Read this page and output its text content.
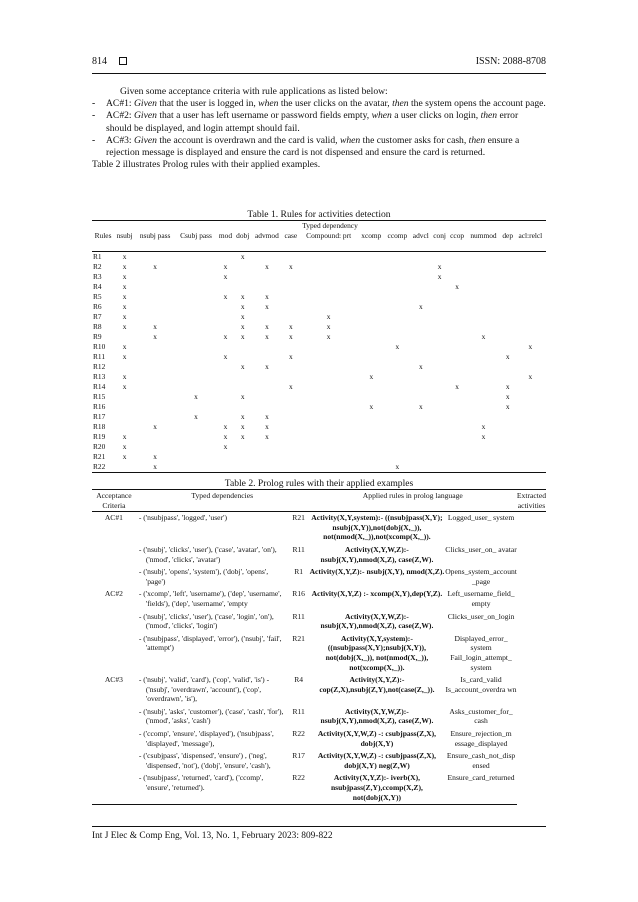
814	ISSN: 2088-8708

Given some acceptance criteria with rule applications as listed below:

- AC#1: Given that the user is logged in, when the user clicks on the avatar, then the system opens the account page.
- AC#2: Given that a user has left username or password fields empty, when a user clicks on login, then error should be displayed, and login attempt should fail.
- AC#3: Given the account is overdrawn and the card is valid, when the customer asks for cash, then ensure a rejection message is displayed and ensure the card is not dispensed and ensure the card is returned.

Table 2 illustrates Prolog rules with their applied examples.

Table 1. Rules for activities detection
	Typed dependency															
Rules	nsubj	nsubj pass	Csubj pass	mod	dobj	advmod	case	Compound: prt	xcomp	ccomp	advcl	conj	ccop	nummod	dep	acl:relcl
R1	x				x											
R2	x	x		x		x	x					x				
R3	x			x								x				
R4	x												x			
R5	x			x	x	x										
R6	x				x	x					x					
R7	x				x			x								
R8	x	x			x	x	x	x								
R9		x		x	x	x	x	x						x		
R10	x									x						x
R11	x			x			x								x	
R12					x	x					x					
R13	x								x							x
R14	x						x						x		x	
R15			x		x										x	
R16									x		x				x	
R17			x		x	x										
R18		x		x	x	x								x		
R19	x			x	x	x								x		
R20	x			x												
R21	x	x														
R22		x								x						
Table 2. Prolog rules with their applied examples
Acceptance Criteria	Typed dependencies		Applied rules in prolog language		Extracted activities
AC#1	- ('nsubjpass', 'logged', 'user')	R21	Activity(X,Y,system):- ((nsubjpass(X,Y); nsubj(X,Y)),not(dobj(X,_)), not(nmod(X,_)),not(xcomp(X,_)).	Logged_user_ system	
	- ('nsubj', 'clicks', 'user'), ('case', 'avatar', 'on'), ('nmod', 'clicks', 'avatar')	R11	Activity(X,Y,W,Z):- nsubj(X,Y),nmod(X,Z), case(Z,W).	Clicks_user_on_ avatar	
	- ('nsubj', 'opens', 'system'), ('dobj', 'opens', 'page')	R1	Activity(X,Y,Z):- nsubj(X,Y), nmod(X,Z).	Opens_system_account _page	
AC#2	- ('xcomp', 'left', 'username'), ('dep', 'username', 'fields'), ('dep', 'username', 'empty	R16	Activity(X,Y,Z) :- xcomp(X,Y),dep(Y,Z).	Left_username_field_ empty	
	- ('nsubj', 'clicks', 'user'), ('case', 'login', 'on'), ('nmod', 'clicks', 'login')	R11	Activity(X,Y,W,Z):- nsubj(X,Y),nmod(X,Z), case(Z,W).	Clicks_user_on_login	
	- ('nsubjpass', 'displayed', 'error'), ('nsubj', 'fail', 'attempt')	R21	Activity(X,Y,system):- ((nsubjpass(X,Y);nsubj(X,Y)), not(dobj(X,_)), not(nmod(X,_)), not(xcomp(X,_)).	Displayed_error_ system Fail_login_attempt_ system	
AC#3	- ('nsubj', 'valid', 'card'), ('cop', 'valid', 'is') - ('nsubj', 'overdrawn', 'account'), ('cop', 'overdrawn', 'is'),	R4	Activity(X,Y,Z):- cop(Z,X),nsubj(Z,Y),not(case(Z,_)).	Is_card_valid Is_account_overdra wn	
	- ('nsubj', 'asks', 'customer'), ('case', 'cash', 'for'), ('nmod', 'asks', 'cash')	R11	Activity(X,Y,W,Z):- nsubj(X,Y),nmod(X,Z), case(Z,W).	Asks_customer_for_ cash	
	- ('ccomp', 'ensure', 'displayed'), ('nsubjpass', 'displayed', 'message'),	R22	Activity(X,Y,W,Z) -: csubjpass(Z,X), dobj(X,Y)	Ensure_rejection_m essage_displayed	
	- ('csubjpass', 'dispensed', 'ensure') , ('neg', 'dispensed', 'not'), ('dobj', 'ensure', 'cash'),	R17	Activity(X,Y,W,Z) -: csubjpass(Z,X), dobj(X,Y) neg(Z,W)	Ensure_cash_not_disp ensed	
	- ('nsubjpass', 'returned', 'card'), ('ccomp', 'ensure', 'returned').	R22	Activity(X,Y,Z):- iverb(X), nsubjpass(Z,Y),ccomp(X,Z), not(dobj(X,Y))	Ensure_card_returned	
Int J Elec & Comp Eng, Vol. 13, No. 1, February 2023: 809-822
